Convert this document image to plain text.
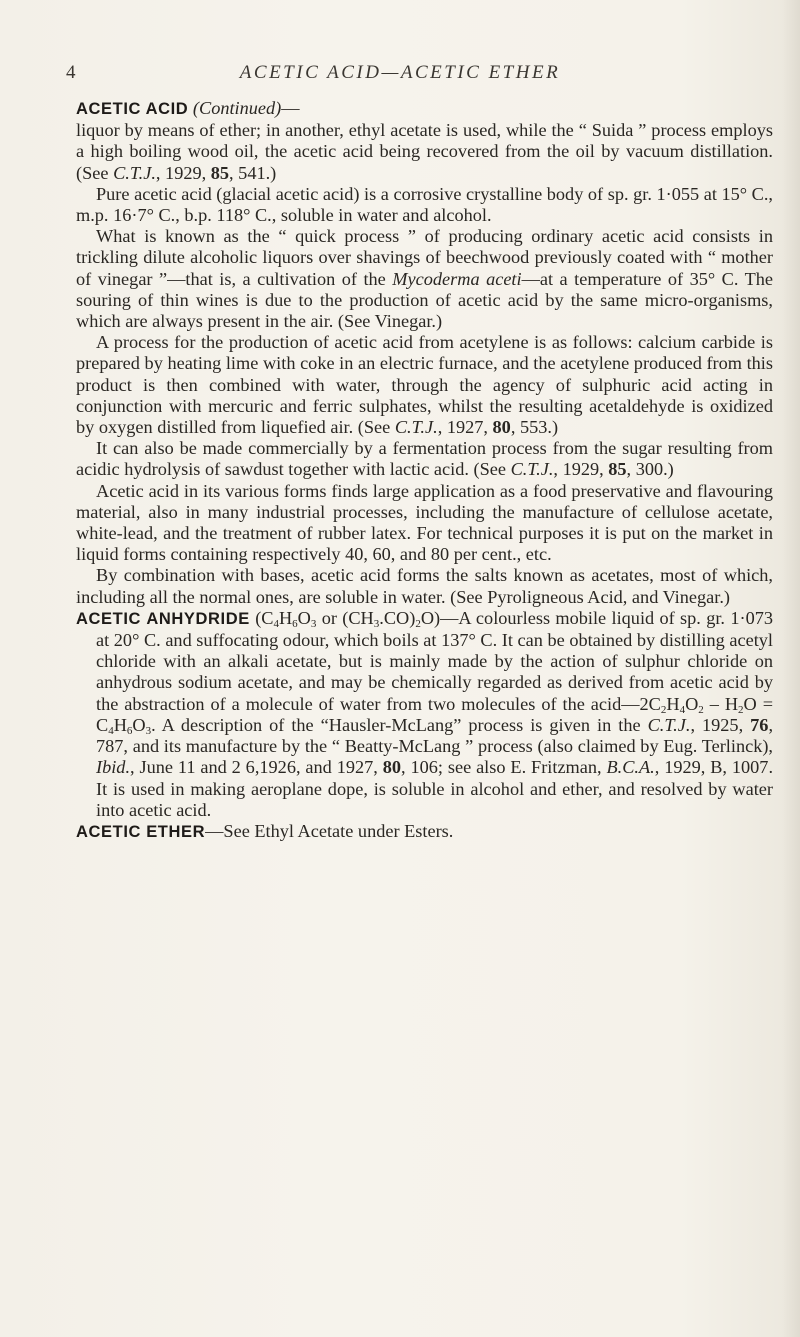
4	ACETIC ACID—ACETIC ETHER

ACETIC ACID (Continued)—
liquor by means of ether; in another, ethyl acetate is used, while the “ Suida ” process employs a high boiling wood oil, the acetic acid being recovered from the oil by vacuum distillation. (See C.T.J., 1929, 85, 541.)

Pure acetic acid (glacial acetic acid) is a corrosive crystalline body of sp. gr. 1·055 at 15° C., m.p. 16·7° C., b.p. 118° C., soluble in water and alcohol.

What is known as the “ quick process ” of producing ordinary acetic acid consists in trickling dilute alcoholic liquors over shavings of beechwood previously coated with “ mother of vinegar ”—that is, a cultivation of the Mycoderma aceti—at a temperature of 35° C. The souring of thin wines is due to the production of acetic acid by the same micro-organisms, which are always present in the air. (See Vinegar.)

A process for the production of acetic acid from acetylene is as follows: calcium carbide is prepared by heating lime with coke in an electric furnace, and the acetylene produced from this product is then combined with water, through the agency of sulphuric acid acting in conjunction with mercuric and ferric sulphates, whilst the resulting acetaldehyde is oxidized by oxygen distilled from liquefied air. (See C.T.J., 1927, 80, 553.)

It can also be made commercially by a fermentation process from the sugar resulting from acidic hydrolysis of sawdust together with lactic acid. (See C.T.J., 1929, 85, 300.)

Acetic acid in its various forms finds large application as a food preservative and flavouring material, also in many industrial processes, including the manufacture of cellulose acetate, white-lead, and the treatment of rubber latex. For technical purposes it is put on the market in liquid forms containing respectively 40, 60, and 80 per cent., etc.

By combination with bases, acetic acid forms the salts known as acetates, most of which, including all the normal ones, are soluble in water. (See Pyroligneous Acid, and Vinegar.)

ACETIC ANHYDRIDE ($C_4H_6O_3$ or $(CH_3.CO)_2O)—A$ colourless mobile liquid of sp. gr. 1·073 at 20° C. and suffocating odour, which boils at 137° C. It can be obtained by distilling acetyl chloride with an alkali acetate, but is mainly made by the action of sulphur chloride on anhydrous sodium acetate, and may be chemically regarded as derived from acetic acid by the abstraction of a molecule of water from two molecules of the $acid—2C_2H_4O_2 - H_2O = C_4H_6O_3$. A description of the “Hausler-McLang” process is given in the C.T.J., 1925, 76, 787, and its manufacture by the “ Beatty-McLang ” process (also claimed by Eug. Terlinck), Ibid., June 11 and 2 6,1926, and 1927, 80, 106; see also E. Fritzman, B.C.A., 1929, B, 1007. It is used in making aeroplane dope, is soluble in alcohol and ether, and resolved by water into acetic acid.

ACETIC ETHER—See Ethyl Acetate under Esters.
